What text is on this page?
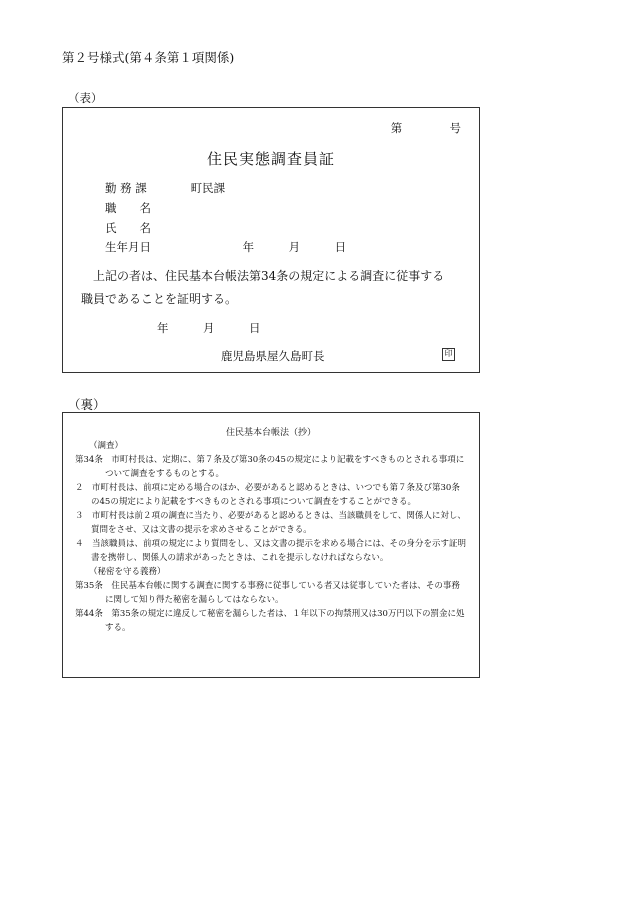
第２号様式(第４条第１項関係)
（表）
第	号
住民実態調査員証
勤 務 課	町民課
職　　名
氏　　名
生年月日	年　　　月　　　日
上記の者は、住民基本台帳法第34条の規定による調査に従事する
職員であることを証明する。
年　　　月　　　日
鹿児島県屋久島町長
印
（裏）
住民基本台帳法（抄）

（調査）

第34条　市町村長は、定期に、第７条及び第30条の45の規定により記載をすべきものとされる事項について調査をするものとする。

２　市町村長は、前項に定める場合のほか、必要があると認めるときは、いつでも第７条及び第30条の45の規定により記載をすべきものとされる事項について調査をすることができる。

３　市町村長は前２項の調査に当たり、必要があると認めるときは、当該職員をして、関係人に対し、質問をさせ、又は文書の提示を求めさせることができる。

４　当該職員は、前項の規定により質問をし、又は文書の提示を求める場合には、その身分を示す証明書を携帯し、関係人の請求があったときは、これを提示しなければならない。

（秘密を守る義務）

第35条　住民基本台帳に関する調査に関する事務に従事している者又は従事していた者は、その事務に関して知り得た秘密を漏らしてはならない。

第44条　第35条の規定に違反して秘密を漏らした者は、１年以下の拘禁刑又は30万円以下の罰金に処する。
